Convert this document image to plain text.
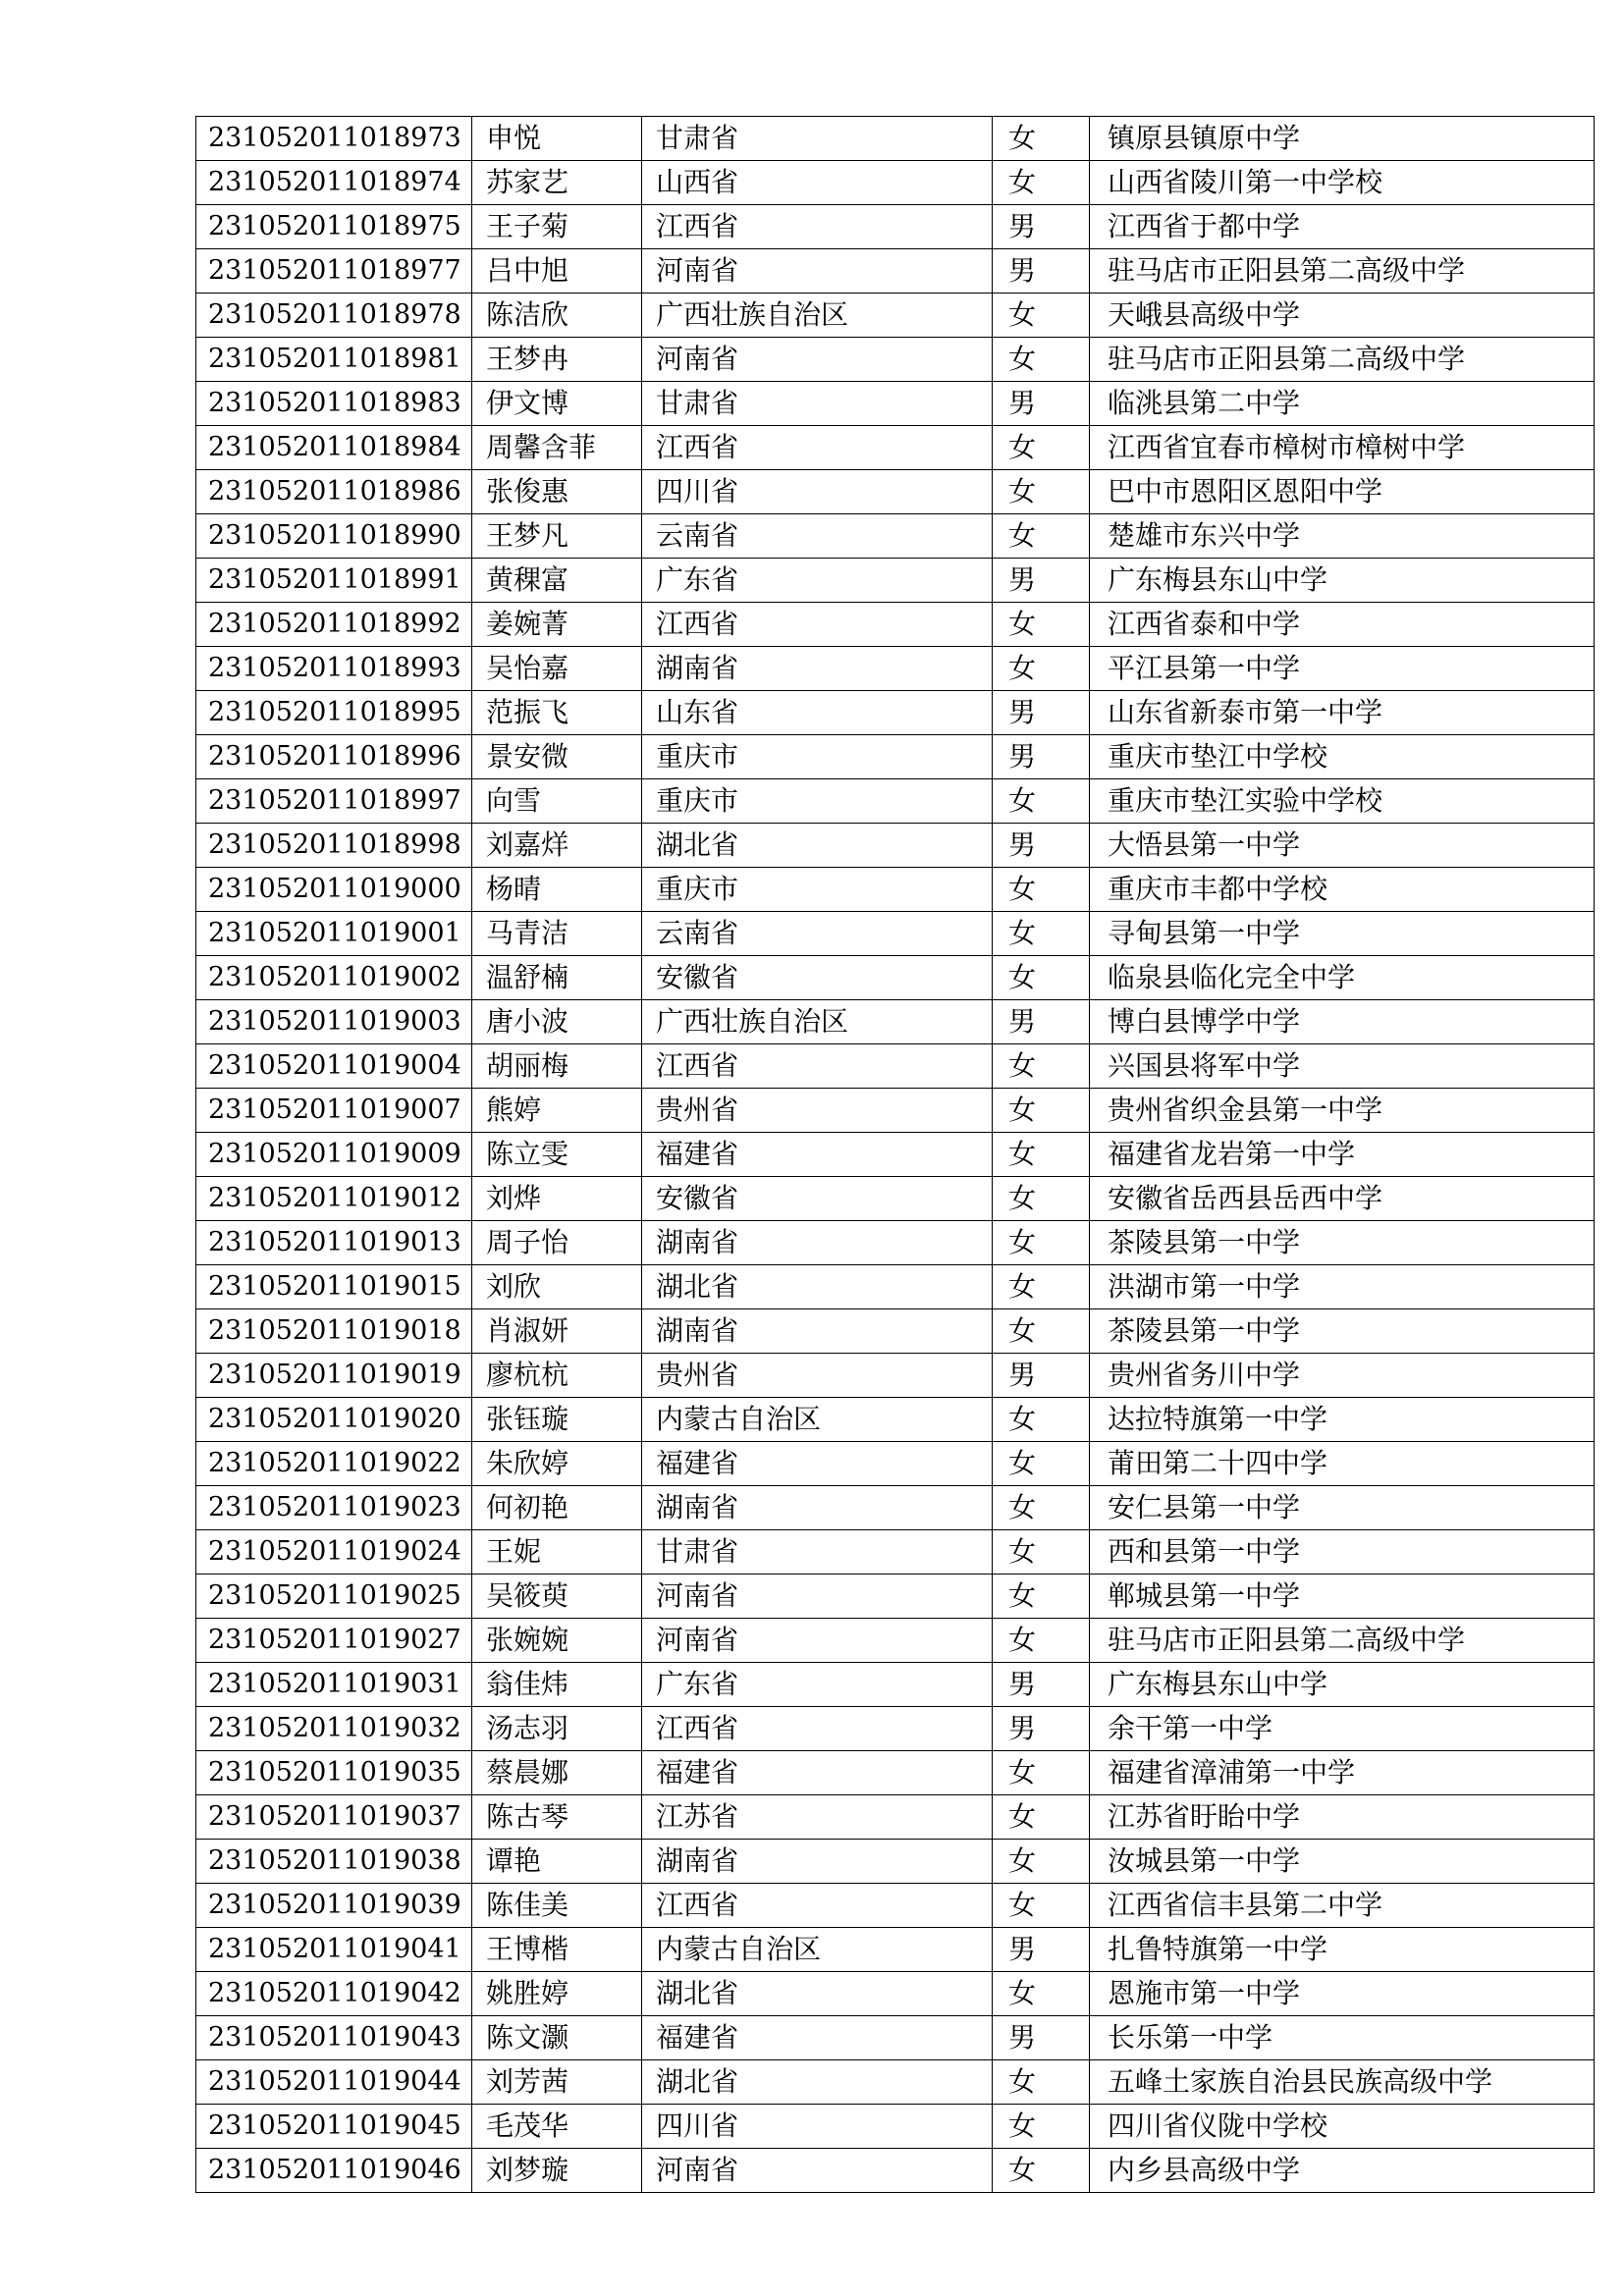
231052011018973	申悦	甘肃省	女	镇原县镇原中学
231052011018974	苏家艺	山西省	女	山西省陵川第一中学校
231052011018975	王子菊	江西省	男	江西省于都中学
231052011018977	吕中旭	河南省	男	驻马店市正阳县第二高级中学
231052011018978	陈洁欣	广西壮族自治区	女	天峨县高级中学
231052011018981	王梦冉	河南省	女	驻马店市正阳县第二高级中学
231052011018983	伊文博	甘肃省	男	临洮县第二中学
231052011018984	周馨含菲	江西省	女	江西省宜春市樟树市樟树中学
231052011018986	张俊惠	四川省	女	巴中市恩阳区恩阳中学
231052011018990	王梦凡	云南省	女	楚雄市东兴中学
231052011018991	黄稞富	广东省	男	广东梅县东山中学
231052011018992	姜婉菁	江西省	女	江西省泰和中学
231052011018993	吴怡嘉	湖南省	女	平江县第一中学
231052011018995	范振飞	山东省	男	山东省新泰市第一中学
231052011018996	景安微	重庆市	男	重庆市垫江中学校
231052011018997	向雪	重庆市	女	重庆市垫江实验中学校
231052011018998	刘嘉烊	湖北省	男	大悟县第一中学
231052011019000	杨晴	重庆市	女	重庆市丰都中学校
231052011019001	马青洁	云南省	女	寻甸县第一中学
231052011019002	温舒楠	安徽省	女	临泉县临化完全中学
231052011019003	唐小波	广西壮族自治区	男	博白县博学中学
231052011019004	胡丽梅	江西省	女	兴国县将军中学
231052011019007	熊婷	贵州省	女	贵州省织金县第一中学
231052011019009	陈立雯	福建省	女	福建省龙岩第一中学
231052011019012	刘烨	安徽省	女	安徽省岳西县岳西中学
231052011019013	周子怡	湖南省	女	茶陵县第一中学
231052011019015	刘欣	湖北省	女	洪湖市第一中学
231052011019018	肖淑妍	湖南省	女	茶陵县第一中学
231052011019019	廖杭杭	贵州省	男	贵州省务川中学
231052011019020	张钰璇	内蒙古自治区	女	达拉特旗第一中学
231052011019022	朱欣婷	福建省	女	莆田第二十四中学
231052011019023	何初艳	湖南省	女	安仁县第一中学
231052011019024	王妮	甘肃省	女	西和县第一中学
231052011019025	吴筱萸	河南省	女	郸城县第一中学
231052011019027	张婉婉	河南省	女	驻马店市正阳县第二高级中学
231052011019031	翁佳炜	广东省	男	广东梅县东山中学
231052011019032	汤志羽	江西省	男	余干第一中学
231052011019035	蔡晨娜	福建省	女	福建省漳浦第一中学
231052011019037	陈古琴	江苏省	女	江苏省盱眙中学
231052011019038	谭艳	湖南省	女	汝城县第一中学
231052011019039	陈佳美	江西省	女	江西省信丰县第二中学
231052011019041	王博楷	内蒙古自治区	男	扎鲁特旗第一中学
231052011019042	姚胜婷	湖北省	女	恩施市第一中学
231052011019043	陈文灏	福建省	男	长乐第一中学
231052011019044	刘芳茜	湖北省	女	五峰土家族自治县民族高级中学
231052011019045	毛茂华	四川省	女	四川省仪陇中学校
231052011019046	刘梦璇	河南省	女	内乡县高级中学
